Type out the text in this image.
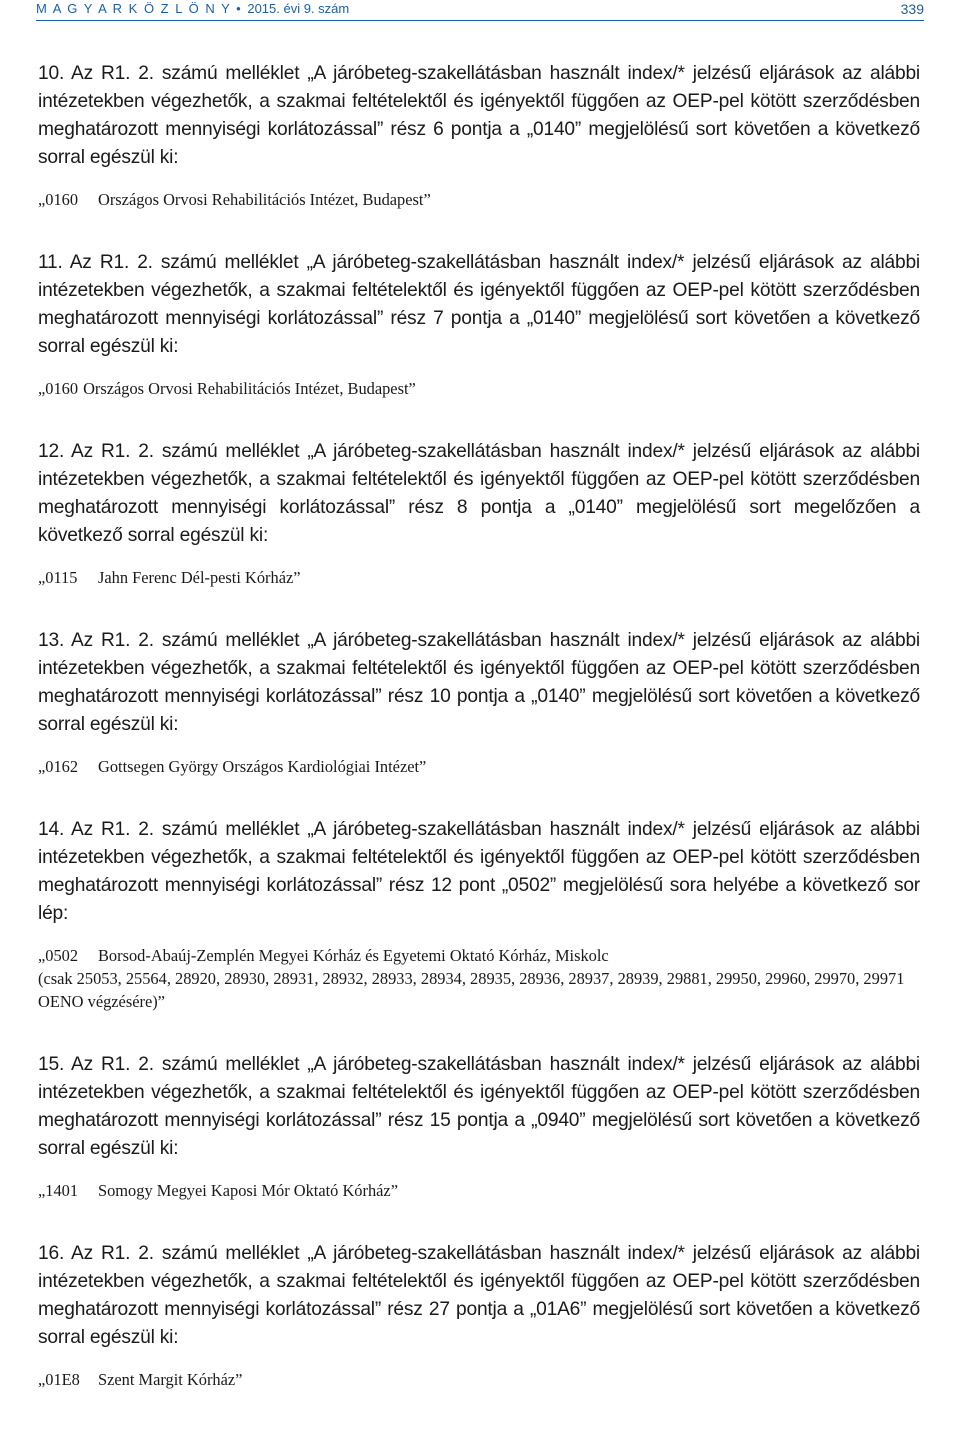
M A G Y A R K Ö Z L Ö N Y • 2015. évi 9. szám	339

10. Az R1. 2. számú melléklet „A járóbeteg-szakellátásban használt index/* jelzésű eljárások az alábbi intézetekben végezhetők, a szakmai feltételektől és igényektől függően az OEP-pel kötött szerződésben meghatározott mennyiségi korlátozással” rész 6 pontja a „0140” megjelölésű sort követően a következő sorral egészül ki:

„0160 Országos Orvosi Rehabilitációs Intézet, Budapest”

11. Az R1. 2. számú melléklet „A járóbeteg-szakellátásban használt index/* jelzésű eljárások az alábbi intézetekben végezhetők, a szakmai feltételektől és igényektől függően az OEP-pel kötött szerződésben meghatározott mennyiségi korlátozással” rész 7 pontja a „0140” megjelölésű sort követően a következő sorral egészül ki:

„0160 Országos Orvosi Rehabilitációs Intézet, Budapest”

12. Az R1. 2. számú melléklet „A járóbeteg-szakellátásban használt index/* jelzésű eljárások az alábbi intézetekben végezhetők, a szakmai feltételektől és igényektől függően az OEP-pel kötött szerződésben meghatározott mennyiségi korlátozással” rész 8 pontja a „0140” megjelölésű sort megelőzően a következő sorral egészül ki:

„0115 Jahn Ferenc Dél-pesti Kórház”

13. Az R1. 2. számú melléklet „A járóbeteg-szakellátásban használt index/* jelzésű eljárások az alábbi intézetekben végezhetők, a szakmai feltételektől és igényektől függően az OEP-pel kötött szerződésben meghatározott mennyiségi korlátozással” rész 10 pontja a „0140” megjelölésű sort követően a következő sorral egészül ki:

„0162 Gottsegen György Országos Kardiológiai Intézet”

14. Az R1. 2. számú melléklet „A járóbeteg-szakellátásban használt index/* jelzésű eljárások az alábbi intézetekben végezhetők, a szakmai feltételektől és igényektől függően az OEP-pel kötött szerződésben meghatározott mennyiségi korlátozással” rész 12 pont „0502” megjelölésű sora helyébe a következő sor lép:

„0502 Borsod-Abaúj-Zemplén Megyei Kórház és Egyetemi Oktató Kórház, Miskolc
(csak 25053, 25564, 28920, 28930, 28931, 28932, 28933, 28934, 28935, 28936, 28937, 28939, 29881, 29950, 29960, 29970, 29971 OENO végzésére)”

15. Az R1. 2. számú melléklet „A járóbeteg-szakellátásban használt index/* jelzésű eljárások az alábbi intézetekben végezhetők, a szakmai feltételektől és igényektől függően az OEP-pel kötött szerződésben meghatározott mennyiségi korlátozással” rész 15 pontja a „0940” megjelölésű sort követően a következő sorral egészül ki:

„1401 Somogy Megyei Kaposi Mór Oktató Kórház”

16. Az R1. 2. számú melléklet „A járóbeteg-szakellátásban használt index/* jelzésű eljárások az alábbi intézetekben végezhetők, a szakmai feltételektől és igényektől függően az OEP-pel kötött szerződésben meghatározott mennyiségi korlátozással” rész 27 pontja a „01A6” megjelölésű sort követően a következő sorral egészül ki:

„01E8 Szent Margit Kórház”
